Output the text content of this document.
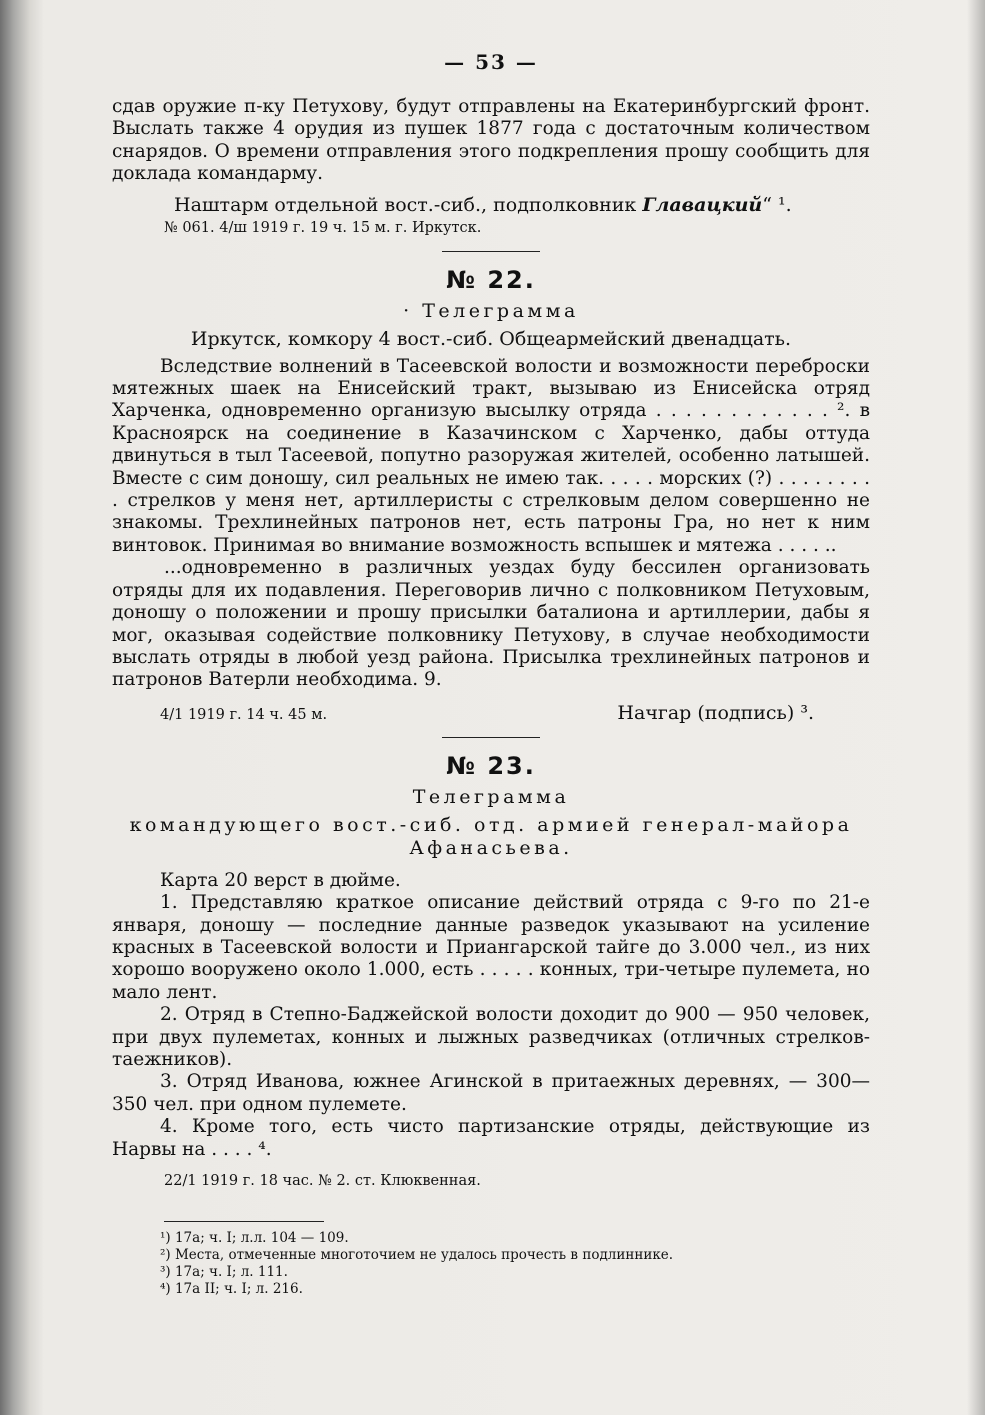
— 53 —

сдав оружие п-ку Петухову, будут отправлены на Екатеринбургский фронт. Выслать также 4 орудия из пушек 1877 года с достаточным количеством снарядов. О времени отправления этого подкрепления прошу сообщить для доклада командарму.

Наштарм отдельной вост.-сиб., подполковник Главацкий“ ¹.
№ 061. 4/ш 1919 г. 19 ч. 15 м. г. Иркутск.
№ 22.
· Телеграмма
Иркутск, комкору 4 вост.-сиб. Общеармейский двенадцать.

Вследствие волнений в Тасеевской волости и возможности переброски мятежных шаек на Енисейский тракт, вызываю из Енисейска отряд Харченка, одновременно организую высылку отряда . . . . . . . . . . . . ². в Красноярск на соединение в Казачинском с Харченко, дабы оттуда двинуться в тыл Тасеевой, попутно разоружая жителей, особенно латышей. Вместе с сим доношу, сил реальных не имею так. . . . . морских (?) . . . . . . . . . стрелков у меня нет, артиллеристы с стрелковым делом совершенно не знакомы. Трехлинейных патронов нет, есть патроны Гра, но нет к ним винтовок. Принимая во внимание возможность вспышек и мятежа . . . . ..

...одновременно в различных уездах буду бессилен организовать отряды для их подавления. Переговорив лично с полковником Петуховым, доношу о положении и прошу присылки баталиона и артиллерии, дабы я мог, оказывая содействие полковнику Петухову, в случае необходимости выслать отряды в любой уезд района. Присылка трехлинейных патронов и патронов Ватерли необходима. 9.

4/1 1919 г. 14 ч. 45 м.	Начгар (подпись) ³.
№ 23.
Телеграмма
командующего вост.-сиб. отд. армией генерал-майора Афанасьева.

Карта 20 верст в дюйме.

1. Представляю краткое описание действий отряда с 9-го по 21-е января, доношу — последние данные разведок указывают на усиление красных в Тасеевской волости и Приангарской тайге до 3.000 чел., из них хорошо вооружено около 1.000, есть . . . . . конных, три-четыре пулемета, но мало лент.

2. Отряд в Степно-Баджейской волости доходит до 900 — 950 человек, при двух пулеметах, конных и лыжных разведчиках (отличных стрелков-таежников).

3. Отряд Иванова, южнее Агинской в притаежных деревнях, — 300—350 чел. при одном пулемете.

4. Кроме того, есть чисто партизанские отряды, действующие из Нарвы на . . . . ⁴.

22/1 1919 г. 18 час. № 2. ст. Клюквенная.
¹) 17а; ч. I; л.л. 104 — 109.
²) Места, отмеченные многоточием не удалось прочесть в подлиннике.
³) 17а; ч. I; л. 111.
⁴) 17а II; ч. I; л. 216.
